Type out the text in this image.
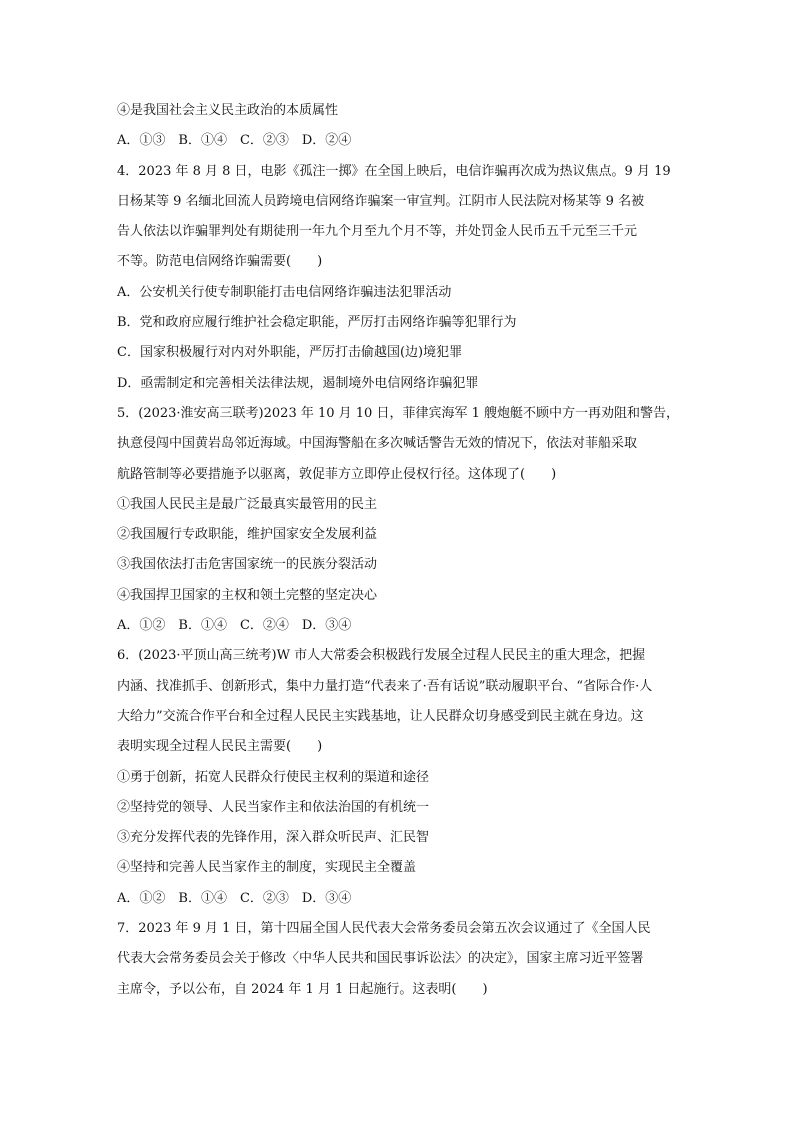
④是我国社会主义民主政治的本质属性
A．①③　B．①④　C．②③　D．②④
4．2023 年 8 月 8 日，电影《孤注一掷》在全国上映后，电信诈骗再次成为热议焦点。9 月 19
日杨某等 9 名缅北回流人员跨境电信网络诈骗案一审宣判。江阴市人民法院对杨某等 9 名被
告人依法以诈骗罪判处有期徒刑一年九个月至九个月不等，并处罚金人民币五千元至三千元
不等。防范电信网络诈骗需要(　　)
A．公安机关行使专制职能打击电信网络诈骗违法犯罪活动
B．党和政府应履行维护社会稳定职能，严厉打击网络诈骗等犯罪行为
C．国家积极履行对内对外职能，严厉打击偷越国(边)境犯罪
D．亟需制定和完善相关法律法规，遏制境外电信网络诈骗犯罪
5．(2023·淮安高三联考)2023 年 10 月 10 日，菲律宾海军 1 艘炮艇不顾中方一再劝阻和警告，
执意侵闯中国黄岩岛邻近海域。中国海警船在多次喊话警告无效的情况下，依法对菲船采取
航路管制等必要措施予以驱离，敦促菲方立即停止侵权行径。这体现了(　　)
①我国人民民主是最广泛最真实最管用的民主
②我国履行专政职能，维护国家安全发展利益
③我国依法打击危害国家统一的民族分裂活动
④我国捍卫国家的主权和领土完整的坚定决心
A．①②　B．①④　C．②④　D．③④
6．(2023·平顶山高三统考)W 市人大常委会积极践行发展全过程人民民主的重大理念，把握
内涵、找准抓手、创新形式，集中力量打造“代表来了·吾有话说”联动履职平台、“省际合作·人
大给力”交流合作平台和全过程人民民主实践基地，让人民群众切身感受到民主就在身边。这
表明实现全过程人民民主需要(　　)
①勇于创新，拓宽人民群众行使民主权利的渠道和途径
②坚持党的领导、人民当家作主和依法治国的有机统一
③充分发挥代表的先锋作用，深入群众听民声、汇民智
④坚持和完善人民当家作主的制度，实现民主全覆盖
A．①②　B．①④　C．②③　D．③④
7．2023 年 9 月 1 日，第十四届全国人民代表大会常务委员会第五次会议通过了《全国人民
代表大会常务委员会关于修改〈中华人民共和国民事诉讼法〉的决定》，国家主席习近平签署
主席令，予以公布，自 2024 年 1 月 1 日起施行。这表明(　　)
